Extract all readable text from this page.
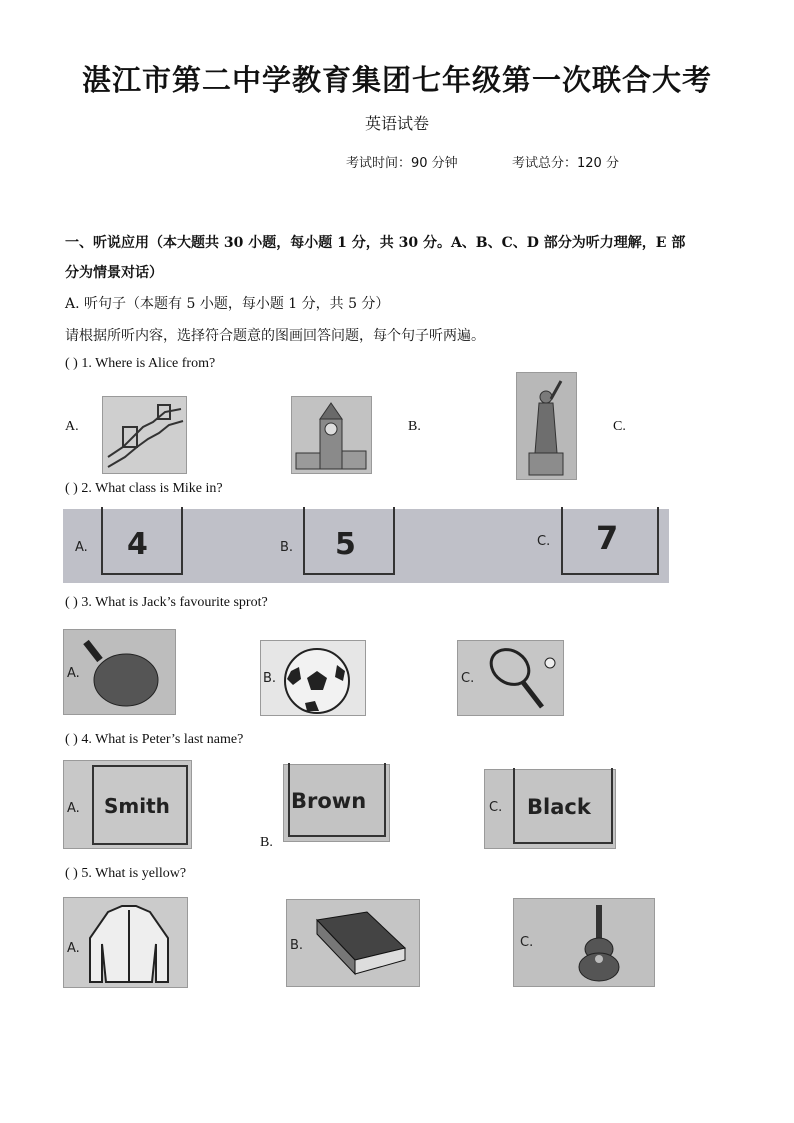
湛江市第二中学教育集团七年级第一次联合大考
英语试卷
考试时间：90 分钟	考试总分：120 分
一、听说应用（本大题共 30 小题，每小题 1 分，共 30 分。A、B、C、D 部分为听力理解，E 部
分为情景对话）
A. 听句子（本题有 5 小题，每小题 1 分，共 5 分）
请根据所听内容，选择符合题意的图画回答问题，每个句子听两遍。
( ) 1. Where is Alice from?
A.	B.	C.
( ) 2. What class is Mike in?
A. 4	B. 5	C. 7
( ) 3. What is Jack’s favourite sprot?
A.	B.	C.
( ) 4. What is Peter’s last name?
A. Smith
B.
Brown	C. Black
( ) 5. What is yellow?
A.	B.	C.
